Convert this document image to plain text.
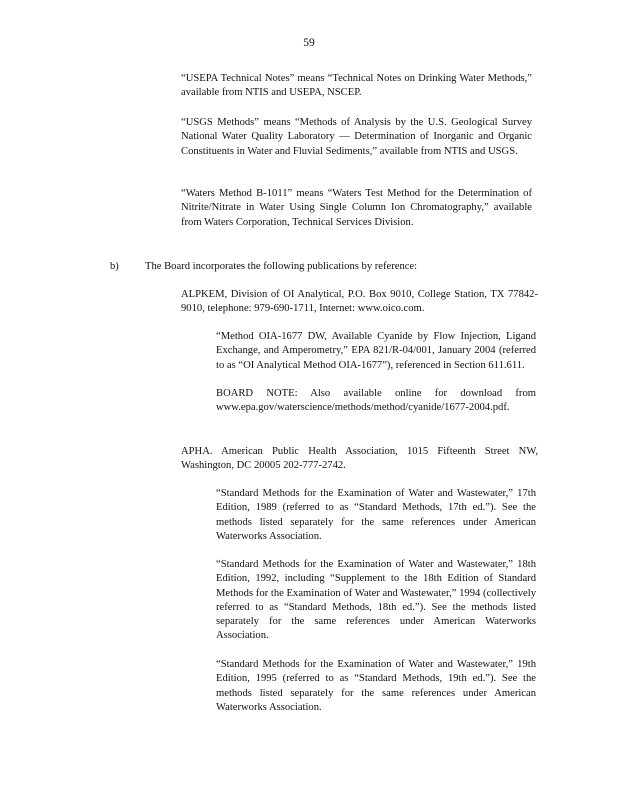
59

“USEPA Technical Notes” means “Technical Notes on Drinking Water Methods,” available from NTIS and USEPA, NSCEP.

“USGS Methods” means “Methods of Analysis by the U.S. Geological Survey National Water Quality Laboratory — Determination of Inorganic and Organic Constituents in Water and Fluvial Sediments,” available from NTIS and USGS.

“Waters Method B-1011” means “Waters Test Method for the Determination of Nitrite/Nitrate in Water Using Single Column Ion Chromatography,” available from Waters Corporation, Technical Services Division.

b) The Board incorporates the following publications by reference:

ALPKEM, Division of OI Analytical, P.O. Box 9010, College Station, TX 77842-9010, telephone: 979-690-1711, Internet: www.oico.com.

“Method OIA-1677 DW, Available Cyanide by Flow Injection, Ligand Exchange, and Amperometry,” EPA 821/R-04/001, January 2004 (referred to as “OI Analytical Method OIA-1677”), referenced in Section 611.611.

BOARD NOTE: Also available online for download from www.epa.gov/waterscience/methods/method/cyanide/1677-2004.pdf.

APHA. American Public Health Association, 1015 Fifteenth Street NW, Washington, DC 20005 202-777-2742.

“Standard Methods for the Examination of Water and Wastewater,” 17th Edition, 1989 (referred to as “Standard Methods, 17th ed.”). See the methods listed separately for the same references under American Waterworks Association.

“Standard Methods for the Examination of Water and Wastewater,” 18th Edition, 1992, including “Supplement to the 18th Edition of Standard Methods for the Examination of Water and Wastewater,” 1994 (collectively referred to as “Standard Methods, 18th ed.”). See the methods listed separately for the same references under American Waterworks Association.

“Standard Methods for the Examination of Water and Wastewater,” 19th Edition, 1995 (referred to as “Standard Methods, 19th ed.”). See the methods listed separately for the same references under American Waterworks Association.
